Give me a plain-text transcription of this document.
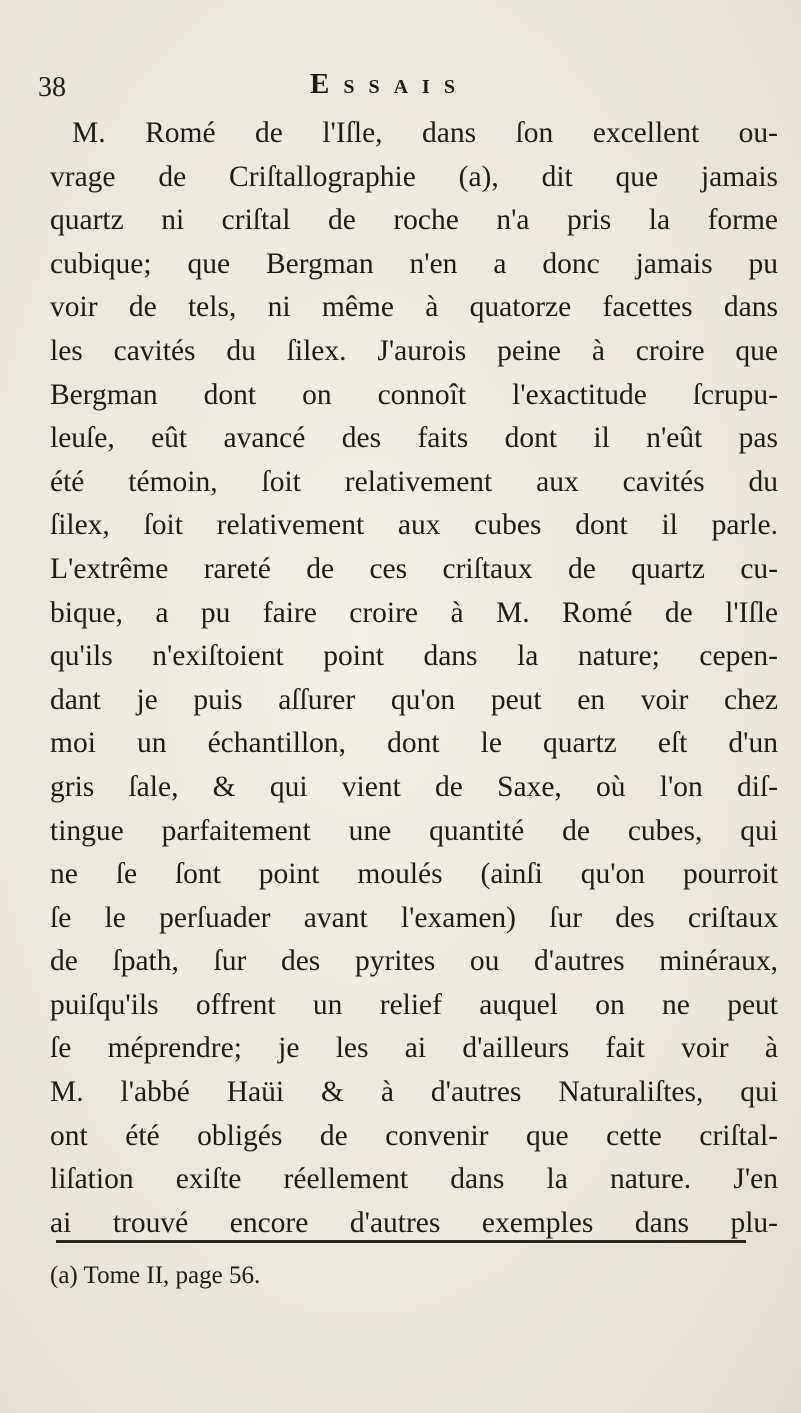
38	Essais
M. Romé de l'Iſle, dans ſon excellent ou-
vrage de Criſtallographie (a), dit que jamais
quartz ni criſtal de roche n'a pris la forme
cubique; que Bergman n'en a donc jamais pu
voir de tels, ni même à quatorze facettes dans
les cavités du ſilex. J'aurois peine à croire que
Bergman dont on connoît l'exactitude ſcrupu-
leuſe, eût avancé des faits dont il n'eût pas
été témoin, ſoit relativement aux cavités du
ſilex, ſoit relativement aux cubes dont il parle.
L'extrême rareté de ces criſtaux de quartz cu-
bique, a pu faire croire à M. Romé de l'Iſle
qu'ils n'exiſtoient point dans la nature; cepen-
dant je puis aſſurer qu'on peut en voir chez
moi un échantillon, dont le quartz eſt d'un
gris ſale, & qui vient de Saxe, où l'on diſ-
tingue parfaitement une quantité de cubes, qui
ne ſe ſont point moulés (ainſi qu'on pourroit
ſe le perſuader avant l'examen) ſur des criſtaux
de ſpath, ſur des pyrites ou d'autres minéraux,
puiſqu'ils offrent un relief auquel on ne peut
ſe méprendre; je les ai d'ailleurs fait voir à
M. l'abbé Haüi & à d'autres Naturaliſtes, qui
ont été obligés de convenir que cette criſtal-
liſation exiſte réellement dans la nature. J'en
ai trouvé encore d'autres exemples dans plu-
(a) Tome II, page 56.
